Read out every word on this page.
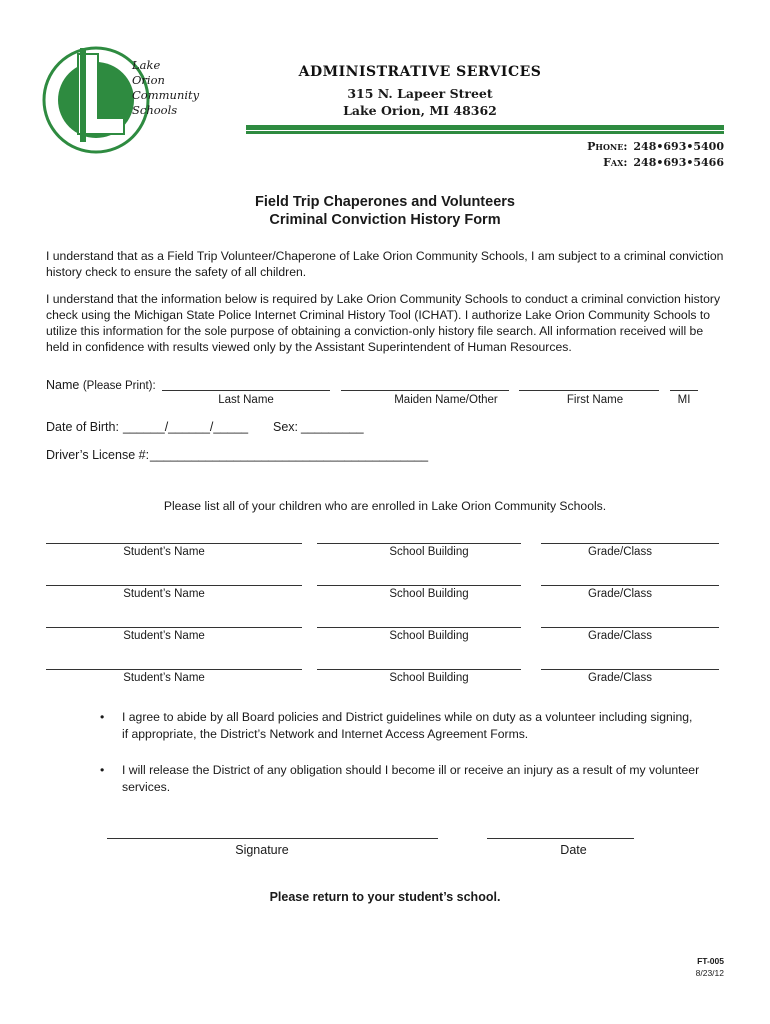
Lake
Orion
Community
Schools
ADMINISTRATIVE SERVICES
315 N. Lapeer Street
Lake Orion, MI 48362
Phone: 248•693•5400
Fax: 248•693•5466
Field Trip Chaperones and Volunteers
Criminal Conviction History Form
I understand that as a Field Trip Volunteer/Chaperone of Lake Orion Community Schools, I am subject to a criminal conviction history check to ensure the safety of all children.
I understand that the information below is required by Lake Orion Community Schools to conduct a criminal conviction history check using the Michigan State Police Internet Criminal History Tool (ICHAT). I authorize Lake Orion Community Schools to utilize this information for the sole purpose of obtaining a conviction-only history file search. All information received will be held in confidence with results viewed only by the Assistant Superintendent of Human Resources.
Name (Please Print):
Last Name	Maiden Name/Other	First Name	MI
Date of Birth: ______/______/_____ Sex: _________
Driver’s License #: ________________________________________
Please list all of your children who are enrolled in Lake Orion Community Schools.
Student’s Name	School Building	Grade/Class
Student’s Name	School Building	Grade/Class
Student’s Name	School Building	Grade/Class
Student’s Name	School Building	Grade/Class
• I agree to abide by all Board policies and District guidelines while on duty as a volunteer including signing, if appropriate, the District’s Network and Internet Access Agreement Forms.
• I will release the District of any obligation should I become ill or receive an injury as a result of my volunteer services.
Signature	Date
Please return to your student’s school.
FT-005
8/23/12
